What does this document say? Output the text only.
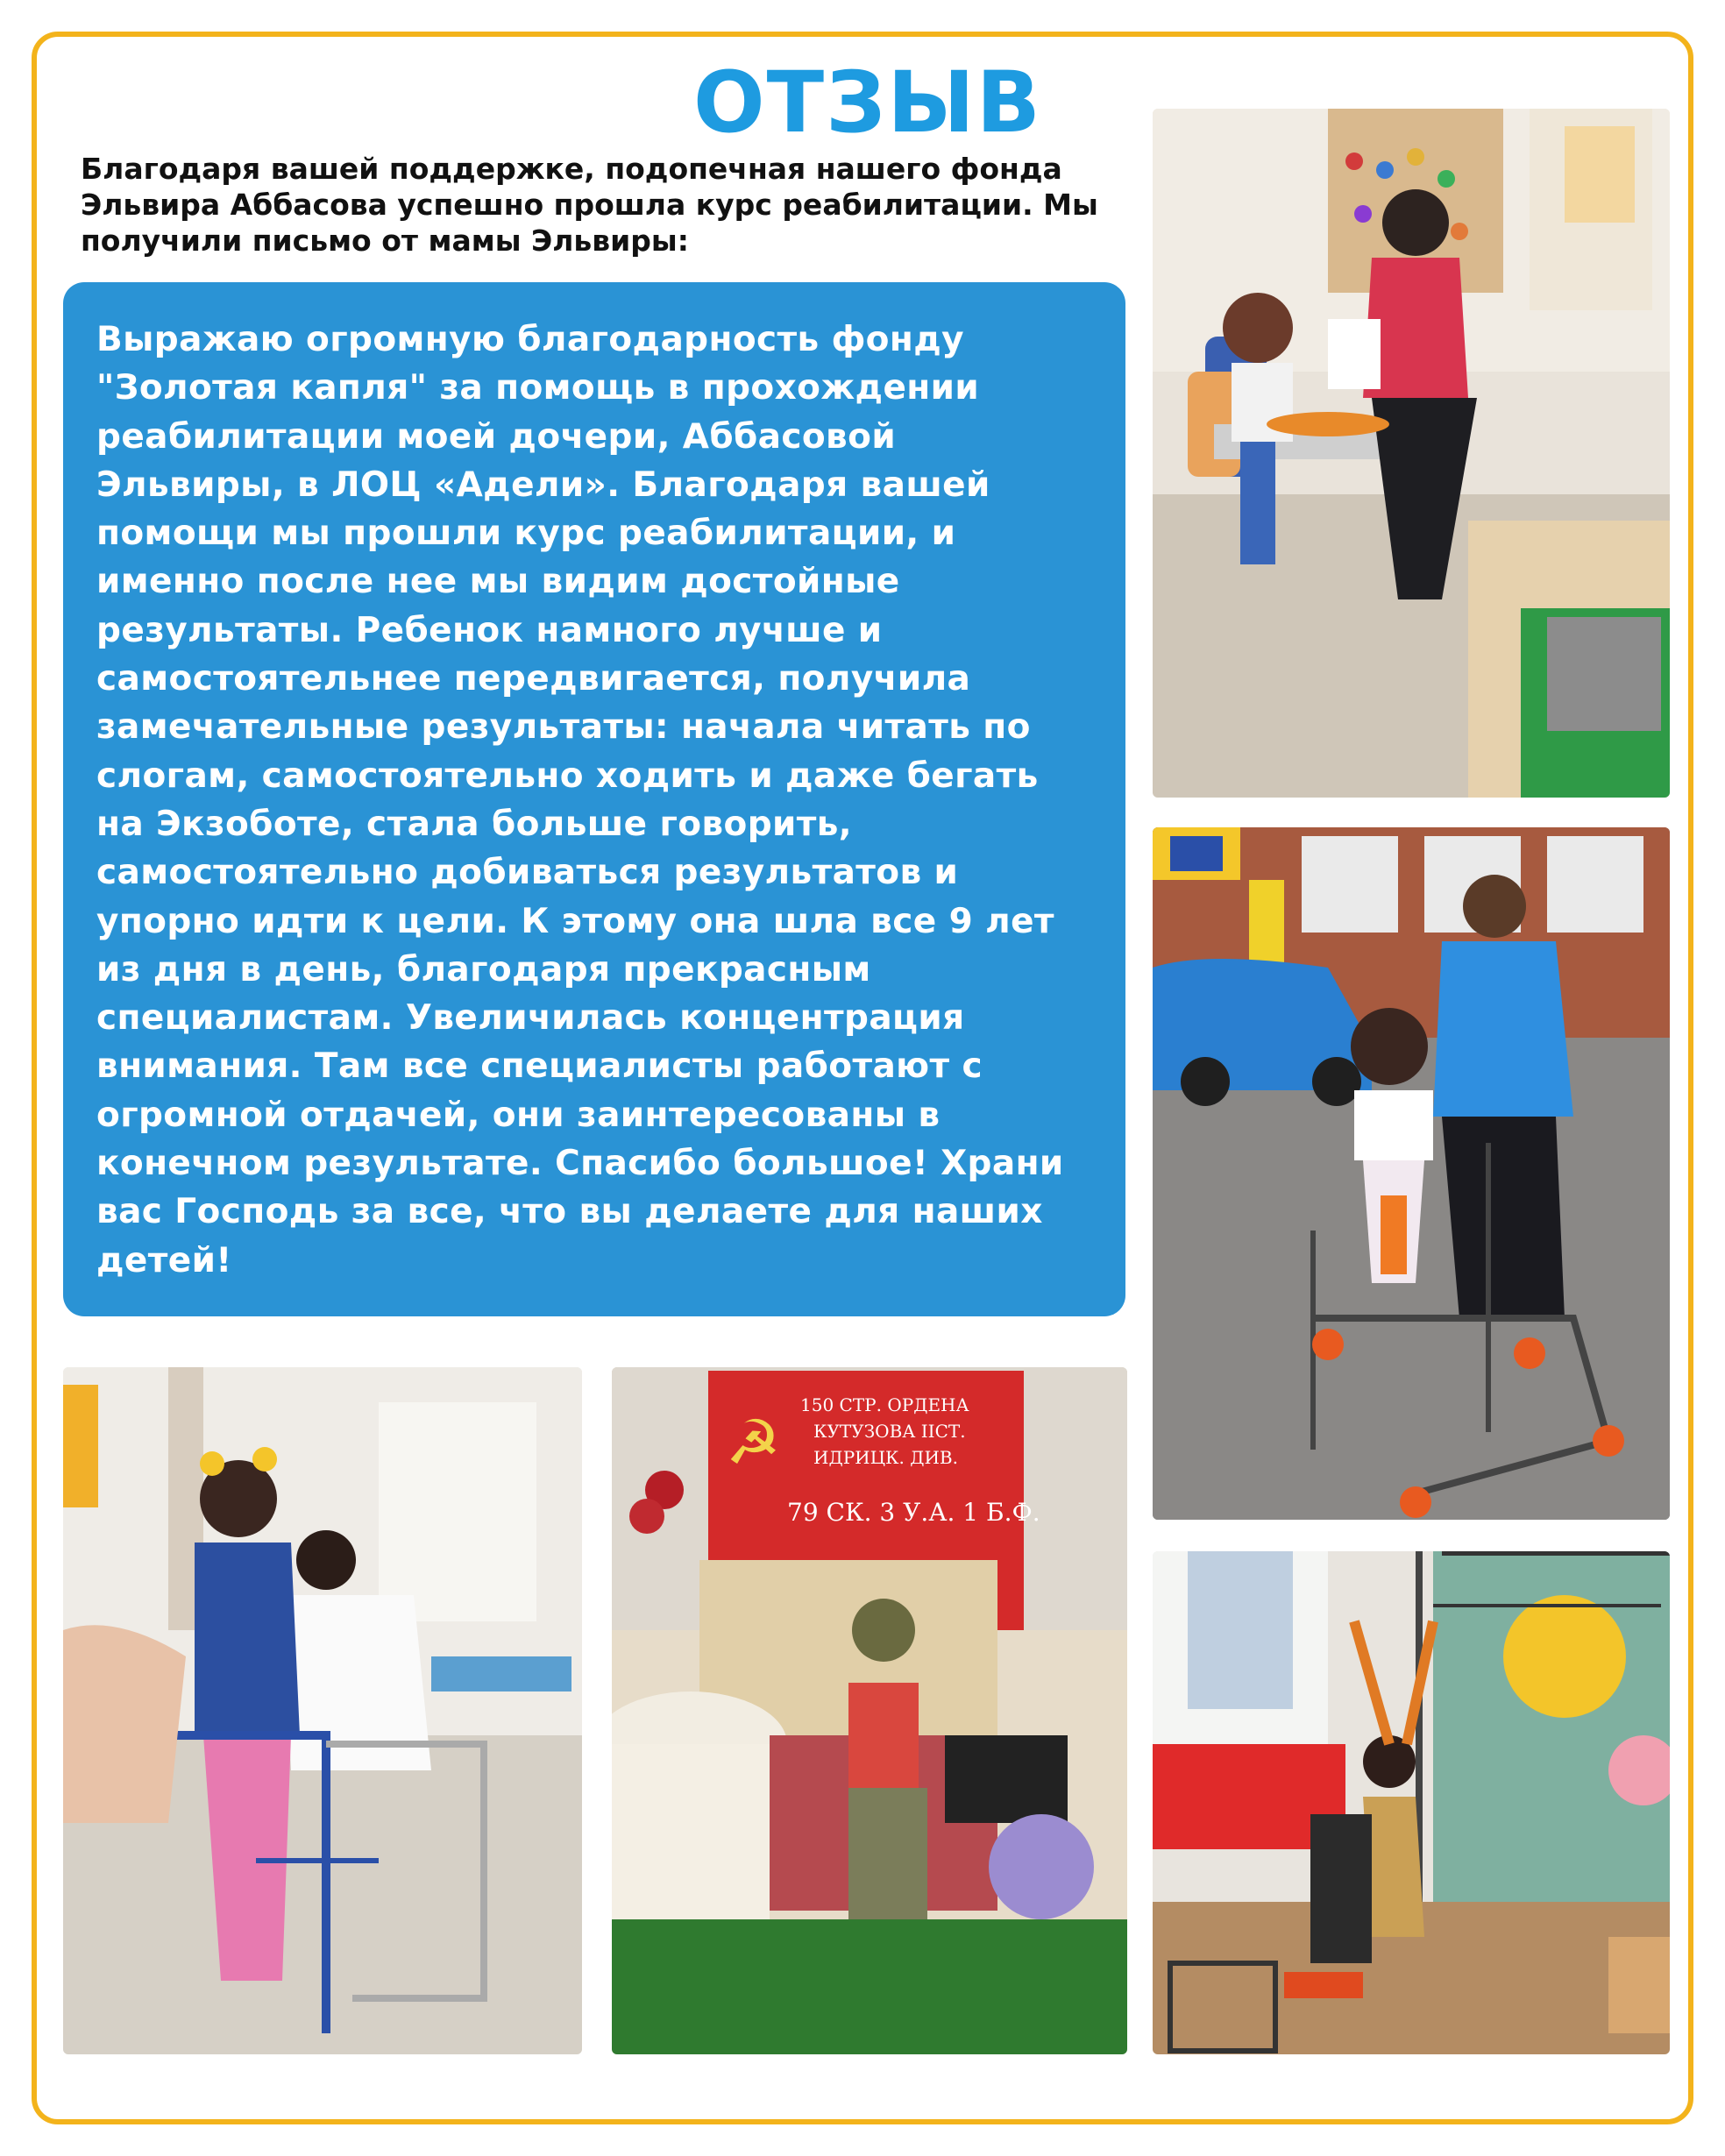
ОТЗЫВ
Благодаря вашей поддержке, подопечная нашего фонда Эльвира Аббасова успешно прошла курс реабилитации. Мы получили письмо от мамы Эльвиры:
Выражаю огромную благодарность фонду "Золотая капля" за помощь в прохождении реабилитации моей дочери, Аббасовой Эльвиры, в ЛОЦ «Адели». Благодаря вашей помощи мы прошли курс реабилитации, и именно после нее мы видим достойные результаты. Ребенок намного лучше и самостоятельнее передвигается, получила замечательные результаты: начала читать по слогам, самостоятельно ходить и даже бегать на Экзоботе, стала больше говорить, самостоятельно добиваться результатов и упорно идти к цели. К этому она шла все 9 лет из дня в день, благодаря прекрасным специалистам. Увеличилась концентрация внимания. Там все специалисты работают с огромной отдачей, они заинтересованы в конечном результате. Спасибо большое! Храни вас Господь за все, что вы делаете для наших детей!
☭
150 СТР. ОРДЕНА
КУТУЗОВА ІІСТ.
ИДРИЦК. ДИВ.
79 СК. 3 У.А. 1 Б.Ф.
